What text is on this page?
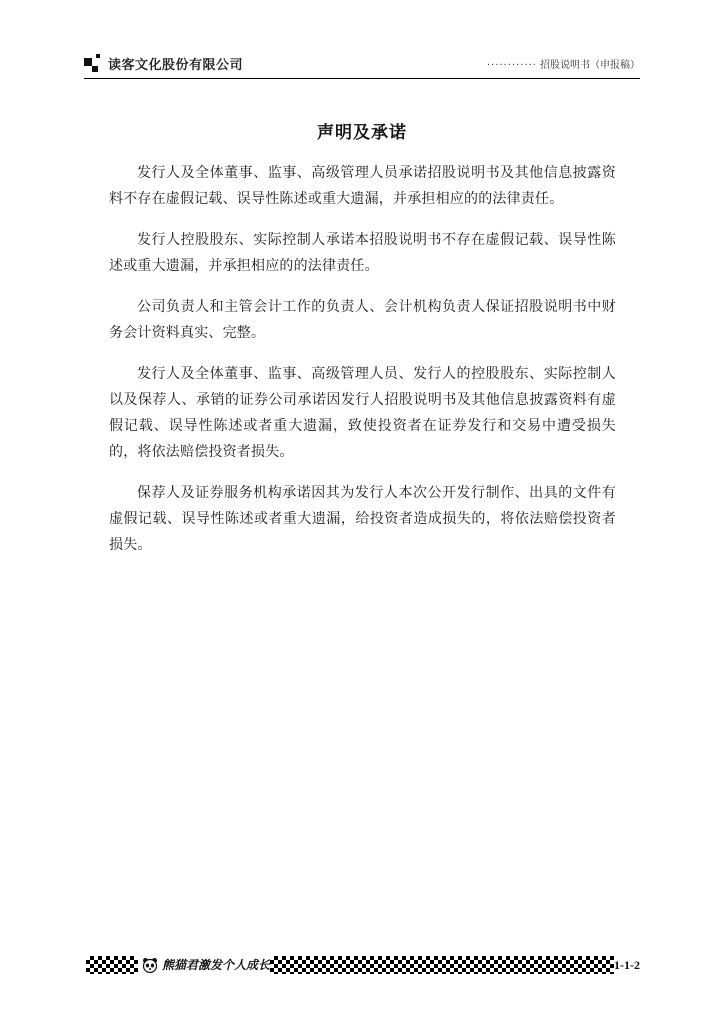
读客文化股份有限公司	············ 招股说明书（申报稿）
声明及承诺

发行人及全体董事、监事、高级管理人员承诺招股说明书及其他信息披露资料不存在虚假记载、误导性陈述或重大遗漏，并承担相应的的法律责任。

发行人控股股东、实际控制人承诺本招股说明书不存在虚假记载、误导性陈述或重大遗漏，并承担相应的的法律责任。

公司负责人和主管会计工作的负责人、会计机构负责人保证招股说明书中财务会计资料真实、完整。

发行人及全体董事、监事、高级管理人员、发行人的控股股东、实际控制人以及保荐人、承销的证券公司承诺因发行人招股说明书及其他信息披露资料有虚假记载、误导性陈述或者重大遗漏，致使投资者在证券发行和交易中遭受损失的，将依法赔偿投资者损失。

保荐人及证券服务机构承诺因其为发行人本次公开发行制作、出具的文件有虚假记载、误导性陈述或者重大遗漏，给投资者造成损失的，将依法赔偿投资者损失。

熊猫君激发个人成长	1-1-2
